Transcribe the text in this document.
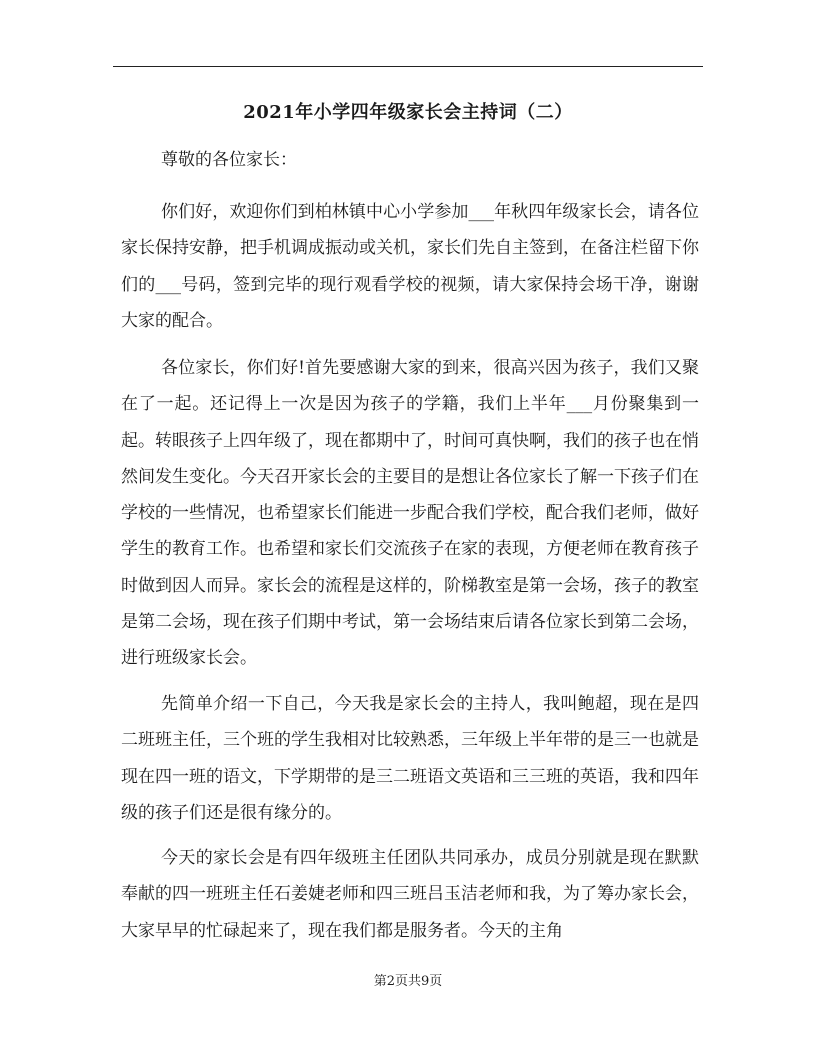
2021年小学四年级家长会主持词（二）

尊敬的各位家长：

你们好，欢迎你们到柏林镇中心小学参加___年秋四年级家长会，请各位家长保持安静，把手机调成振动或关机，家长们先自主签到，在备注栏留下你们的___号码，签到完毕的现行观看学校的视频，请大家保持会场干净，谢谢大家的配合。

各位家长，你们好!首先要感谢大家的到来，很高兴因为孩子，我们又聚在了一起。还记得上一次是因为孩子的学籍，我们上半年___月份聚集到一起。转眼孩子上四年级了，现在都期中了，时间可真快啊，我们的孩子也在悄然间发生变化。今天召开家长会的主要目的是想让各位家长了解一下孩子们在学校的一些情况，也希望家长们能进一步配合我们学校，配合我们老师，做好学生的教育工作。也希望和家长们交流孩子在家的表现，方便老师在教育孩子时做到因人而异。家长会的流程是这样的，阶梯教室是第一会场，孩子的教室是第二会场，现在孩子们期中考试，第一会场结束后请各位家长到第二会场，进行班级家长会。

先简单介绍一下自己，今天我是家长会的主持人，我叫鲍超，现在是四二班班主任，三个班的学生我相对比较熟悉，三年级上半年带的是三一也就是现在四一班的语文，下学期带的是三二班语文英语和三三班的英语，我和四年级的孩子们还是很有缘分的。

今天的家长会是有四年级班主任团队共同承办，成员分别就是现在默默奉献的四一班班主任石姜婕老师和四三班吕玉洁老师和我，为了筹办家长会，大家早早的忙碌起来了，现在我们都是服务者。今天的主角

第2页共9页
